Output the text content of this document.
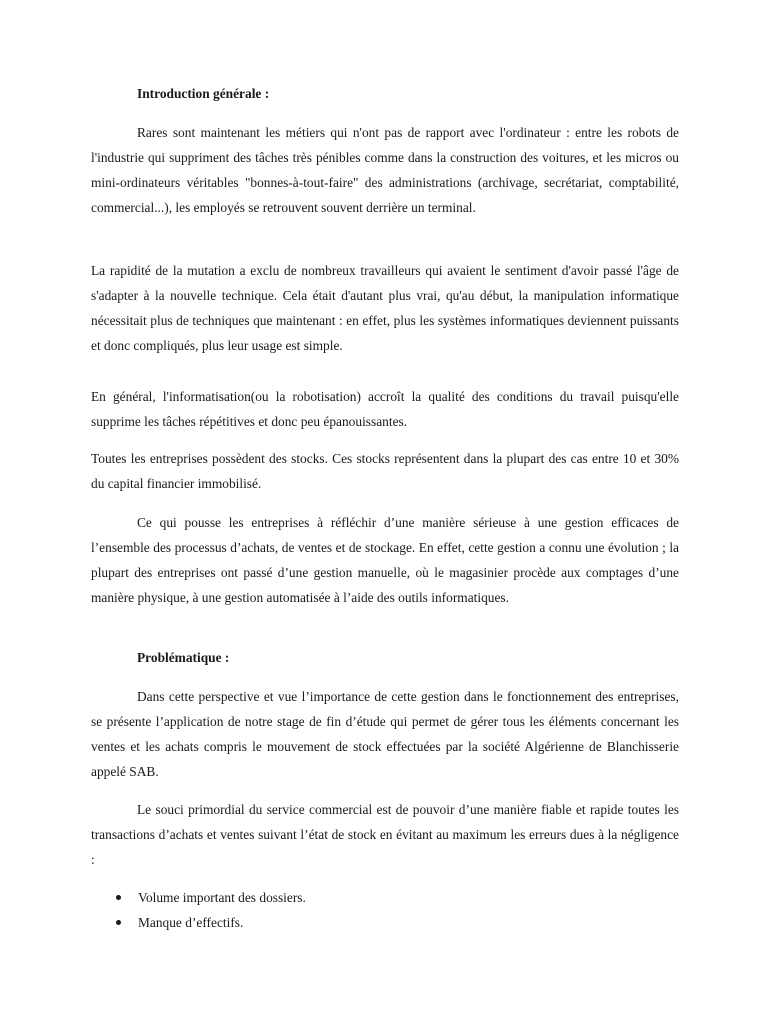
Introduction générale :

Rares sont maintenant les métiers qui n'ont pas de rapport avec l'ordinateur : entre les robots de l'industrie qui suppriment des tâches très pénibles comme dans la construction des voitures, et les micros ou mini-ordinateurs véritables "bonnes-à-tout-faire" des administrations (archivage, secrétariat, comptabilité, commercial...), les employés se retrouvent souvent derrière un terminal.

La rapidité de la mutation a exclu de nombreux travailleurs qui avaient le sentiment d'avoir passé l'âge de s'adapter à la nouvelle technique. Cela était d'autant plus vrai, qu'au début, la manipulation informatique nécessitait plus de techniques que maintenant : en effet, plus les systèmes informatiques deviennent puissants et donc compliqués, plus leur usage est simple.

En général, l'informatisation(ou la robotisation) accroît la qualité des conditions du travail puisqu'elle supprime les tâches répétitives et donc peu épanouissantes.

Toutes les entreprises possèdent des stocks. Ces stocks représentent dans la plupart des cas entre 10 et 30% du capital financier immobilisé.

Ce qui pousse les entreprises à réfléchir d’une manière sérieuse à une gestion efficaces de l’ensemble des processus d’achats, de ventes et de stockage. En effet, cette gestion a connu une évolution ; la plupart des entreprises ont passé d’une gestion manuelle, où le magasinier procède aux comptages d’une manière physique, à une gestion automatisée à l’aide des outils informatiques.

Problématique :

Dans cette perspective et vue l’importance de cette gestion dans le fonctionnement des entreprises, se présente l’application de notre stage de fin d’étude qui permet de gérer tous les éléments concernant les ventes et les achats compris le mouvement de stock effectuées par la société Algérienne de Blanchisserie appelé SAB.

Le souci primordial du service commercial est de pouvoir d’une manière fiable et rapide toutes les transactions d’achats et ventes suivant l’état de stock en évitant au maximum les erreurs dues à la négligence :

Volume important des dossiers.
Manque d’effectifs.
